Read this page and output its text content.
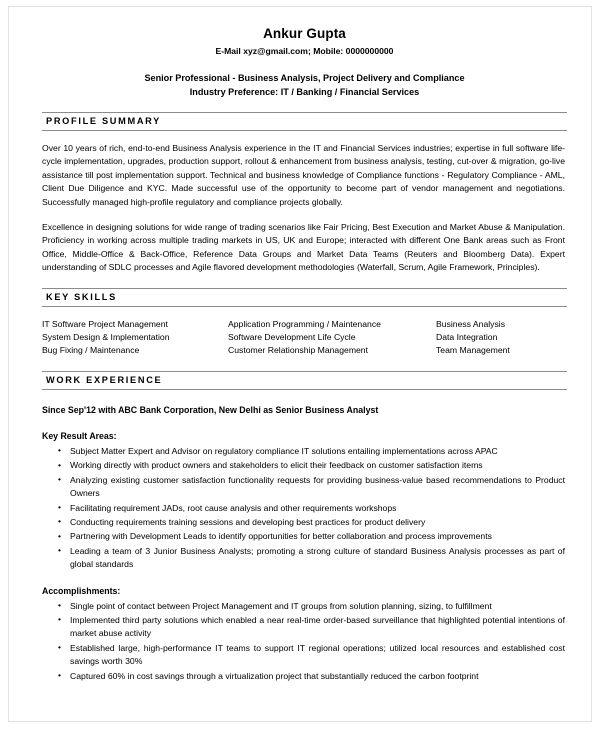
Ankur Gupta
E-Mail xyz@gmail.com; Mobile: 0000000000
Senior Professional - Business Analysis, Project Delivery and Compliance
Industry Preference: IT / Banking / Financial Services
PROFILE SUMMARY
Over 10 years of rich, end-to-end Business Analysis experience in the IT and Financial Services industries; expertise in full software life-cycle implementation, upgrades, production support, rollout & enhancement from business analysis, testing, cut-over & migration, go-live assistance till post implementation support. Technical and business knowledge of Compliance functions - Regulatory Compliance - AML, Client Due Diligence and KYC. Made successful use of the opportunity to become part of vendor management and negotiations. Successfully managed high-profile regulatory and compliance projects globally.
Excellence in designing solutions for wide range of trading scenarios like Fair Pricing, Best Execution and Market Abuse & Manipulation. Proficiency in working across multiple trading markets in US, UK and Europe; interacted with different One Bank areas such as Front Office, Middle-Office & Back-Office, Reference Data Groups and Market Data Teams (Reuters and Bloomberg Data). Expert understanding of SDLC processes and Agile flavored development methodologies (Waterfall, Scrum, Agile Framework, Principles).
KEY SKILLS
IT Software Project Management	Application Programming / Maintenance	Business Analysis
System Design & Implementation	Software Development Life Cycle	Data Integration
Bug Fixing / Maintenance	Customer Relationship Management	Team Management
WORK EXPERIENCE
Since Sep'12 with ABC Bank Corporation, New Delhi as Senior Business Analyst
Key Result Areas:
• Subject Matter Expert and Advisor on regulatory compliance IT solutions entailing implementations across APAC
• Working directly with product owners and stakeholders to elicit their feedback on customer satisfaction items
• Analyzing existing customer satisfaction functionality requests for providing business-value based recommendations to Product Owners
• Facilitating requirement JADs, root cause analysis and other requirements workshops
• Conducting requirements training sessions and developing best practices for product delivery
• Partnering with Development Leads to identify opportunities for better collaboration and process improvements
• Leading a team of 3 Junior Business Analysts; promoting a strong culture of standard Business Analysis processes as part of global standards
Accomplishments:
• Single point of contact between Project Management and IT groups from solution planning, sizing, to fulfillment
• Implemented third party solutions which enabled a near real-time order-based surveillance that highlighted potential intentions of market abuse activity
• Established large, high-performance IT teams to support IT regional operations; utilized local resources and established cost savings worth 30%
• Captured 60% in cost savings through a virtualization project that substantially reduced the carbon footprint
